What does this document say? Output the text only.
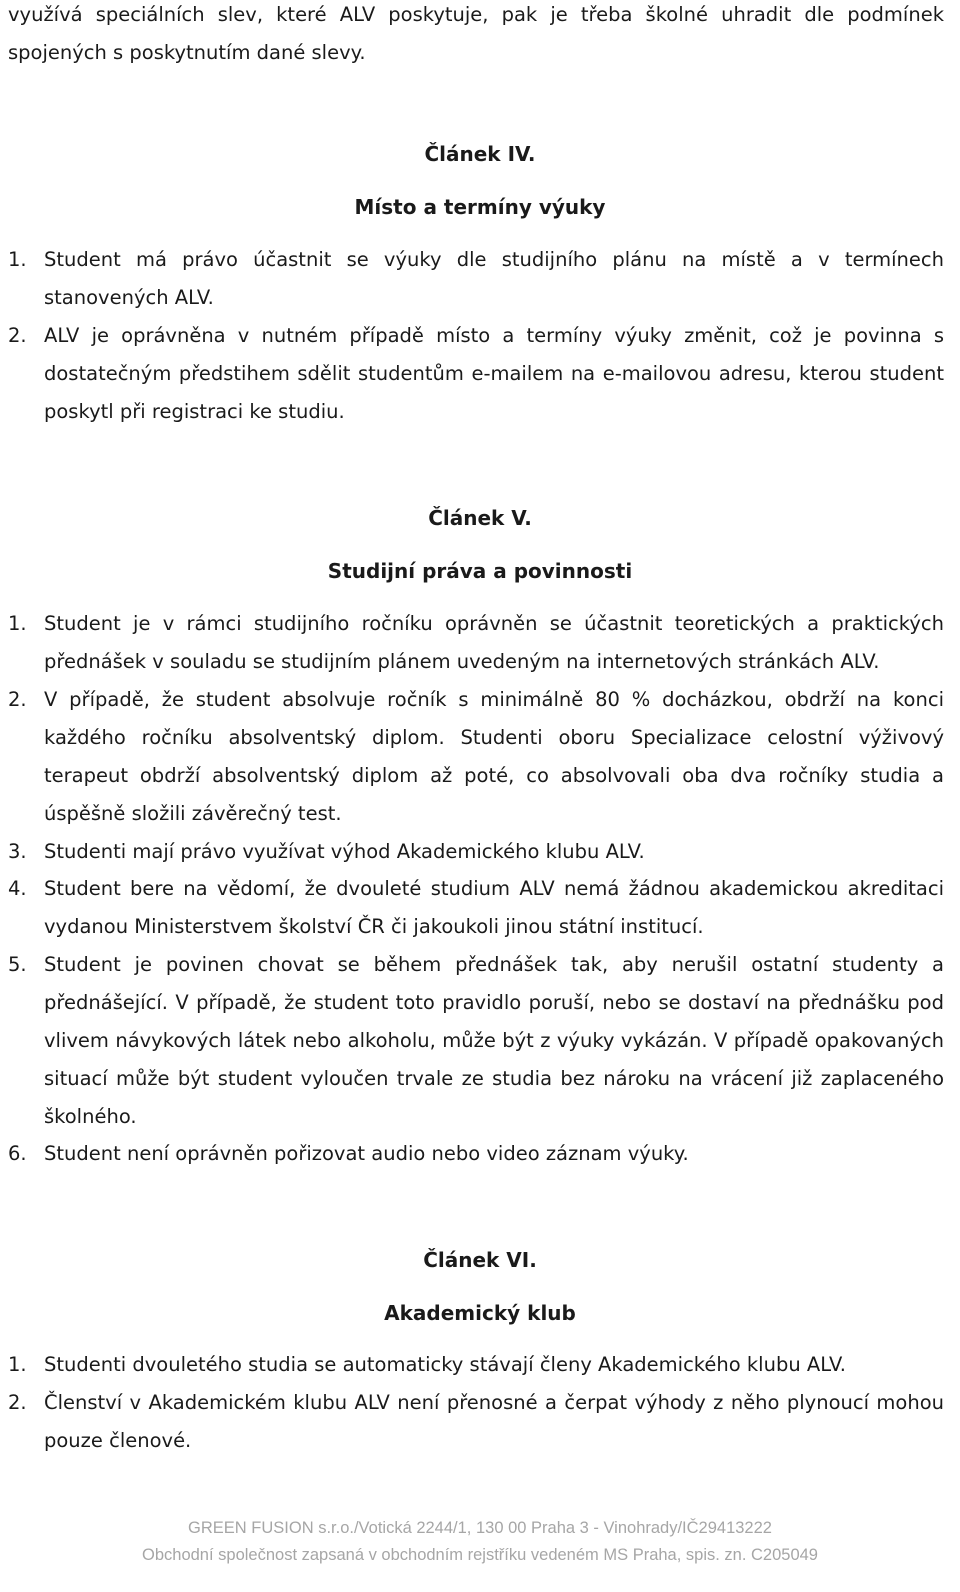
využívá speciálních slev, které ALV poskytuje, pak je třeba školné uhradit dle podmínek spojených s poskytnutím dané slevy.
Článek IV.
Místo a termíny výuky
1. Student má právo účastnit se výuky dle studijního plánu na místě a v termínech stanovených ALV.
2. ALV je oprávněna v nutném případě místo a termíny výuky změnit, což je povinna s dostatečným předstihem sdělit studentům e-mailem na e-mailovou adresu, kterou student poskytl při registraci ke studiu.
Článek V.
Studijní práva a povinnosti
1. Student je v rámci studijního ročníku oprávněn se účastnit teoretických a praktických přednášek v souladu se studijním plánem uvedeným na internetových stránkách ALV.
2. V případě, že student absolvuje ročník s minimálně 80 % docházkou, obdrží na konci každého ročníku absolventský diplom. Studenti oboru Specializace celostní výživový terapeut obdrží absolventský diplom až poté, co absolvovali oba dva ročníky studia a úspěšně složili závěrečný test.
3. Studenti mají právo využívat výhod Akademického klubu ALV.
4. Student bere na vědomí, že dvouleté studium ALV nemá žádnou akademickou akreditaci vydanou Ministerstvem školství ČR či jakoukoli jinou státní institucí.
5. Student je povinen chovat se během přednášek tak, aby nerušil ostatní studenty a přednášející. V případě, že student toto pravidlo poruší, nebo se dostaví na přednášku pod vlivem návykových látek nebo alkoholu, může být z výuky vykázán. V případě opakovaných situací může být student vyloučen trvale ze studia bez nároku na vrácení již zaplaceného školného.
6. Student není oprávněn pořizovat audio nebo video záznam výuky.
Článek VI.
Akademický klub
1. Studenti dvouletého studia se automaticky stávají členy Akademického klubu ALV.
2. Členství v Akademickém klubu ALV není přenosné a čerpat výhody z něho plynoucí mohou pouze členové.
GREEN FUSION s.r.o./Votická 2244/1, 130 00 Praha 3 - Vinohrady/IČ29413222
Obchodní společnost zapsaná v obchodním rejstříku vedeném MS Praha, spis. zn. C205049
